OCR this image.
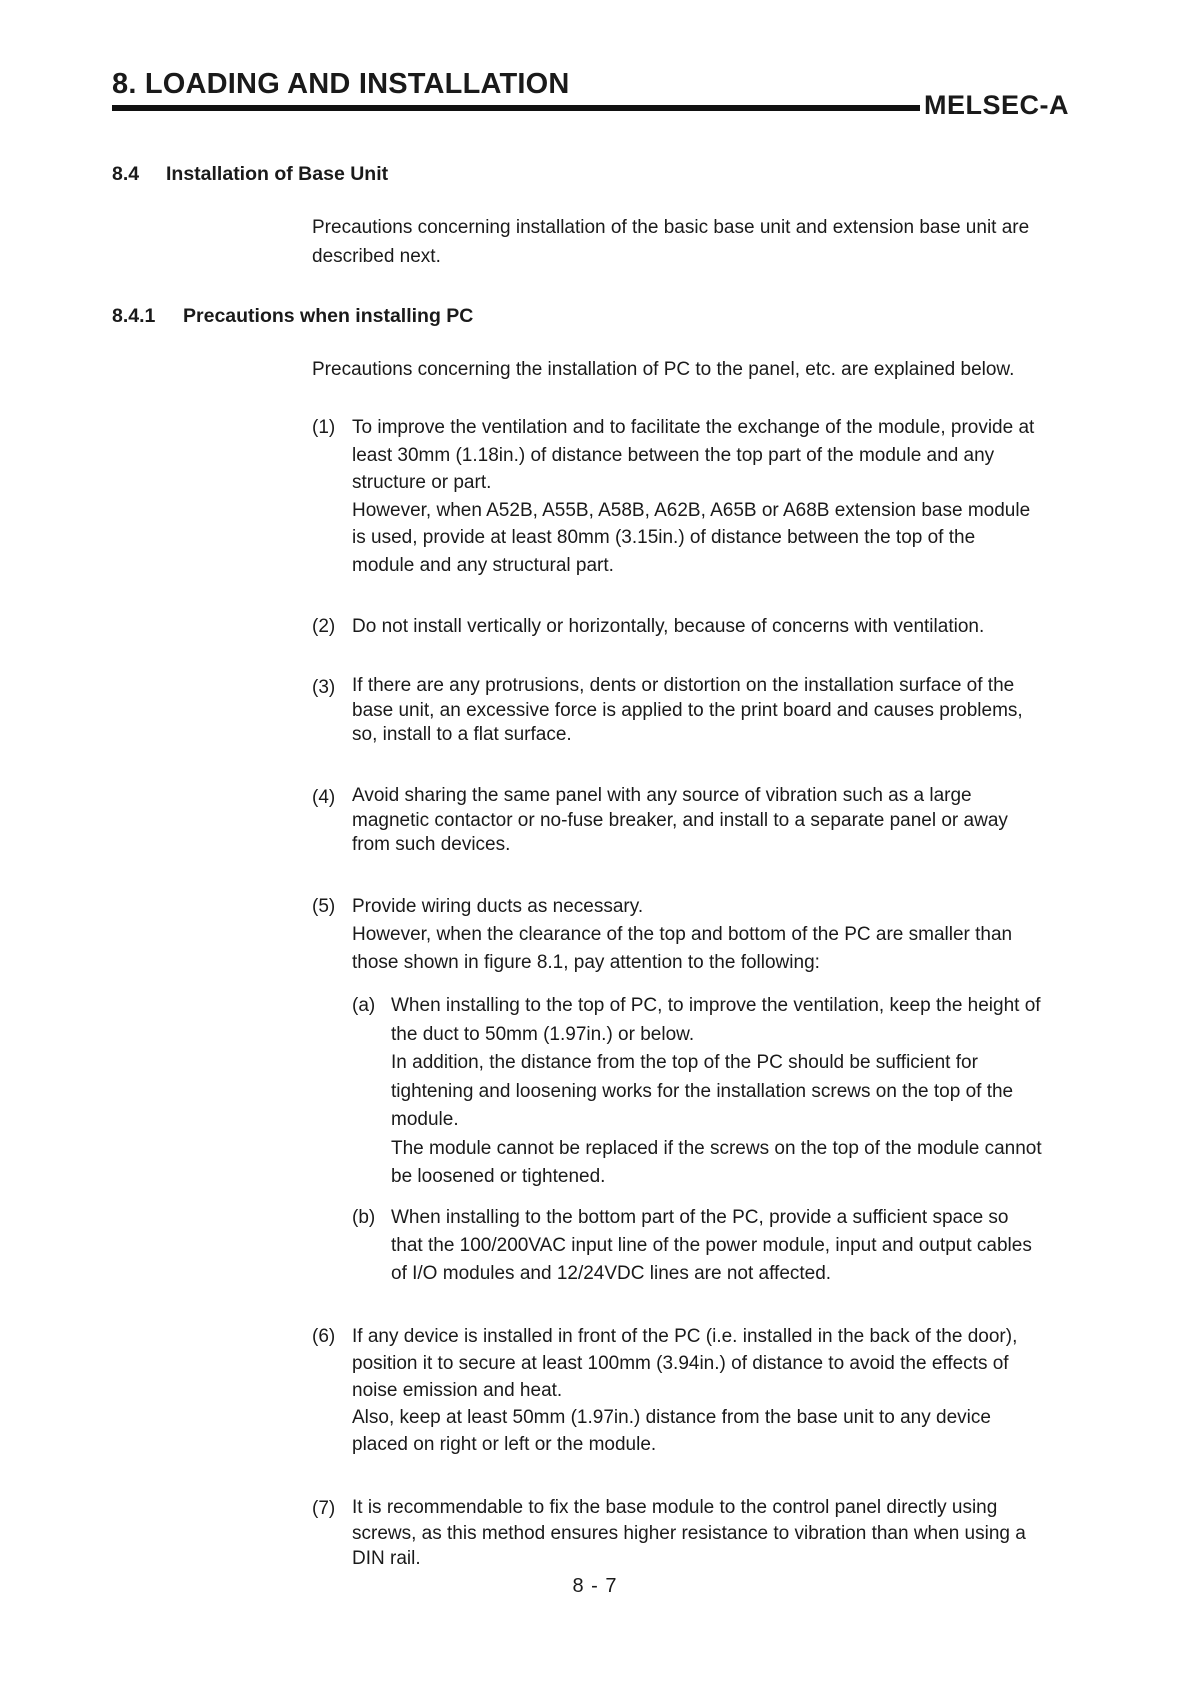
8. LOADING AND INSTALLATION
MELSEC-A
8.4 Installation of Base Unit
Precautions concerning installation of the basic base unit and extension base unit are
described next.
8.4.1 Precautions when installing PC
Precautions concerning the installation of PC to the panel, etc. are explained below.
(1) To improve the ventilation and to facilitate the exchange of the module, provide at
least 30mm (1.18in.) of distance between the top part of the module and any
structure or part.
However, when A52B, A55B, A58B, A62B, A65B or A68B extension base module
is used, provide at least 80mm (3.15in.) of distance between the top of the
module and any structural part.
(2) Do not install vertically or horizontally, because of concerns with ventilation.
(3) If there are any protrusions, dents or distortion on the installation surface of the
base unit, an excessive force is applied to the print board and causes problems,
so, install to a flat surface.
(4) Avoid sharing the same panel with any source of vibration such as a large
magnetic contactor or no-fuse breaker, and install to a separate panel or away
from such devices.
(5) Provide wiring ducts as necessary.
However, when the clearance of the top and bottom of the PC are smaller than
those shown in figure 8.1, pay attention to the following:
(a) When installing to the top of PC, to improve the ventilation, keep the height of
the duct to 50mm (1.97in.) or below.
In addition, the distance from the top of the PC should be sufficient for
tightening and loosening works for the installation screws on the top of the
module.
The module cannot be replaced if the screws on the top of the module cannot
be loosened or tightened.
(b) When installing to the bottom part of the PC, provide a sufficient space so
that the 100/200VAC input line of the power module, input and output cables
of I/O modules and 12/24VDC lines are not affected.
(6) If any device is installed in front of the PC (i.e. installed in the back of the door),
position it to secure at least 100mm (3.94in.) of distance to avoid the effects of
noise emission and heat.
Also, keep at least 50mm (1.97in.) distance from the base unit to any device
placed on right or left or the module.
(7) It is recommendable to fix the base module to the control panel directly using
screws, as this method ensures higher resistance to vibration than when using a
DIN rail.
8 - 7
